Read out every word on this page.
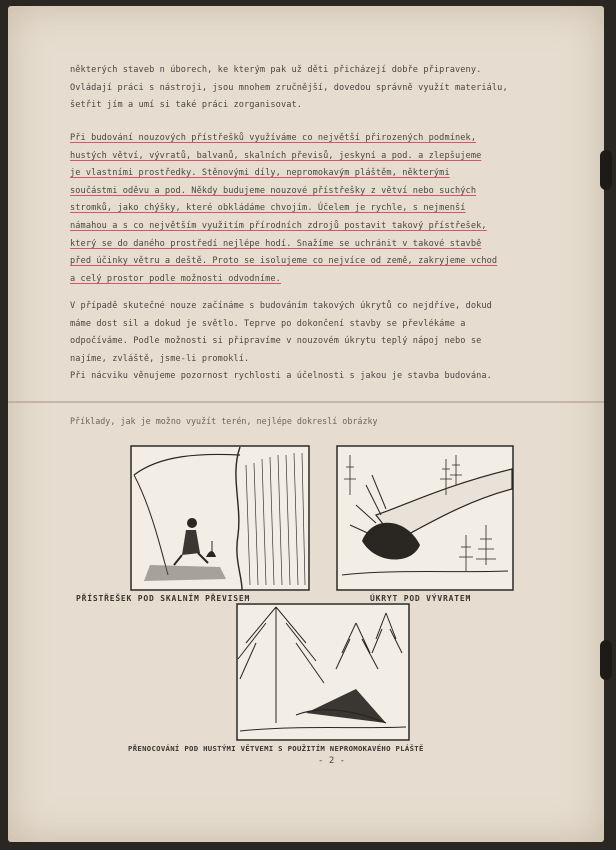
některých staveb n úborech, ke kterým pak už děti přicházejí dobře připraveny.
Ovládají práci s nástroji, jsou mnohem zručnější, dovedou správně využít materiálu,
šetřit jím a umí si také práci zorganisovat.
Při budování nouzových přístřešků využíváme co největší přirozených podmínek,
hustých větví, vývratů, balvanů, skalních převisů, jeskyní a pod. a zlepšujeme
je vlastními prostředky. Stěnovými díly, nepromokavým pláštěm, některými
součástmi oděvu a pod. Někdy budujeme nouzové přístřešky z větví nebo suchých
stromků, jako chýšky, které obkládáme chvojím. Účelem je rychle, s nejmenší
námahou a s co největším využitím přírodních zdrojů postavit takový přístřešek,
který se do daného prostředí nejlépe hodí. Snažíme se uchránit v takové stavbě
před účinky větru a deště. Proto se isolujeme co nejvíce od země, zakryjeme vchod
a celý prostor podle možnosti odvodníme.
V případě skutečné nouze začínáme s budováním takových úkrytů co nejdříve, dokud
máme dost sil a dokud je světlo. Teprve po dokončení stavby se převlékáme a
odpočíváme. Podle možnosti si připravíme v nouzovém úkrytu teplý nápoj nebo se
najíme, zvláště, jsme-li promoklí.
Při nácviku věnujeme pozornost rychlosti a účelnosti s jakou je stavba budována.
Příklady, jak je možno využít terén, nejlépe dokreslí obrázky
PŘÍSTŘEŠEK POD SKALNÍM PŘEVISEM	ÚKRYT POD VÝVRATEM
PŘENOCOVÁNÍ POD HUSTÝMI VĚTVEMI S POUŽITÍM NEPROMOKAVÉHO PLÁŠTĚ
- 2 -
